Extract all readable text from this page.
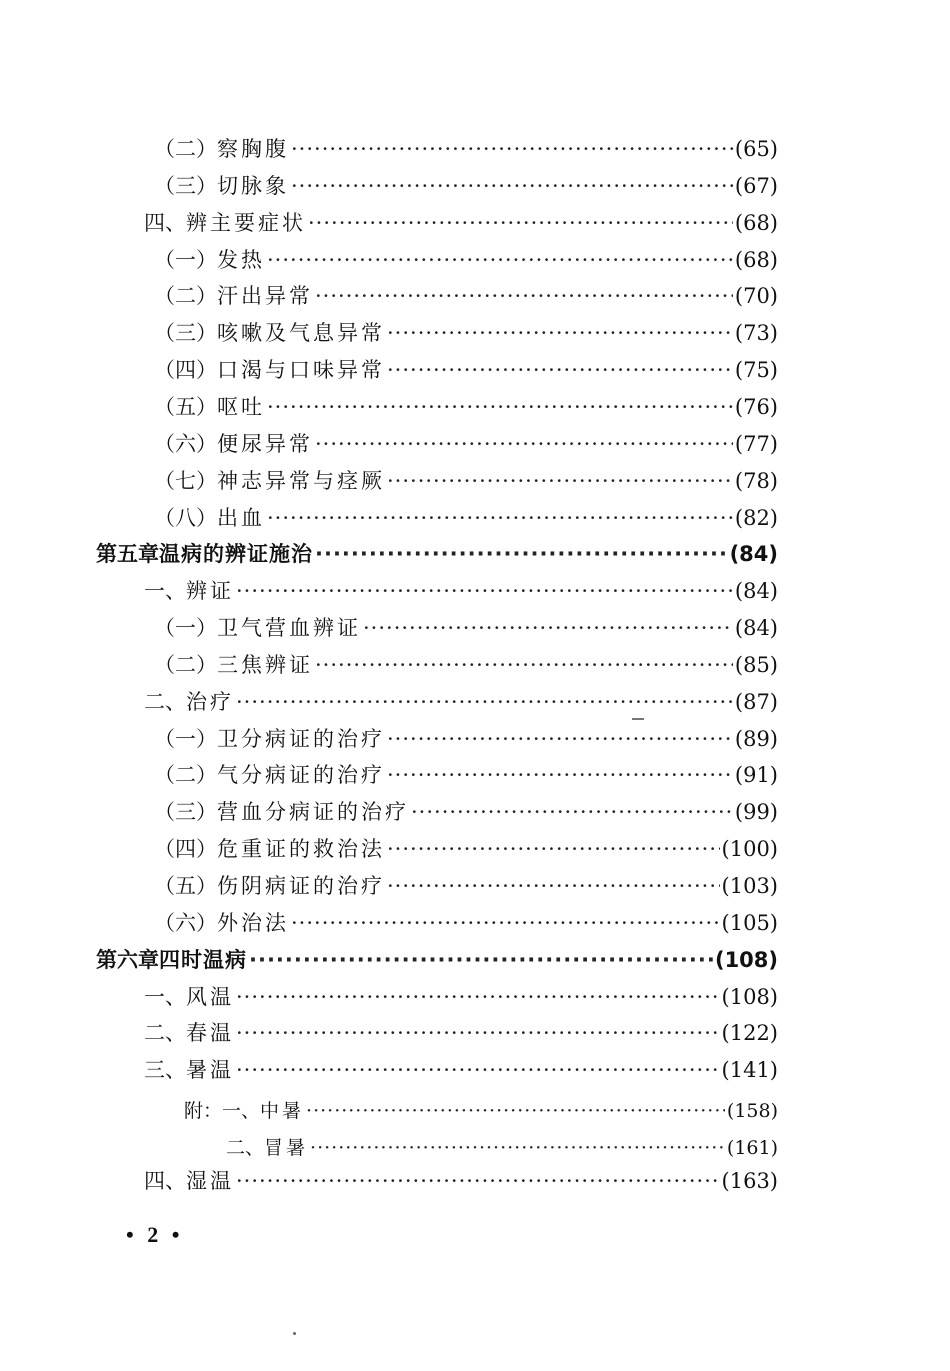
（二） 察胸腹 ·····	(65)
（三） 切脉象 ·····	(67)
四、 辨主要症状 ·····	(68)
（一） 发热 ·····	(68)
（二） 汗出异常 ·····	(70)
（三） 咳嗽及气息异常 ·····	(73)
（四） 口渴与口味异常 ·····	(75)
（五） 呕吐 ·····	(76)
（六） 便尿异常 ·····	(77)
（七） 神志异常与痉厥 ·····	(78)
（八） 出血 ·····	(82)
第五章 温病的辨证施治 ·····	(84)
一、 辨证 ·····	(84)
（一） 卫气营血辨证 ·····	(84)
（二） 三焦辨证 ·····	(85)
二、 治疗 ·····	(87)
（一） 卫分病证的治疗 ·····	(89)
（二） 气分病证的治疗 ·····	(91)
（三） 营血分病证的治疗 ·····	(99)
（四） 危重证的救治法 ·····	(100)
（五） 伤阴病证的治疗 ·····	(103)
（六） 外治法 ·····	(105)
第六章 四时温病 ·····	(108)
一、 风温 ·····	(108)
二、 春温 ·····	(122)
三、 暑温 ·····	(141)
附：一、 中暑 ·····	(158)
二、 冒暑 ·····	(161)
四、 湿温 ·····	(163)
• 2 •
